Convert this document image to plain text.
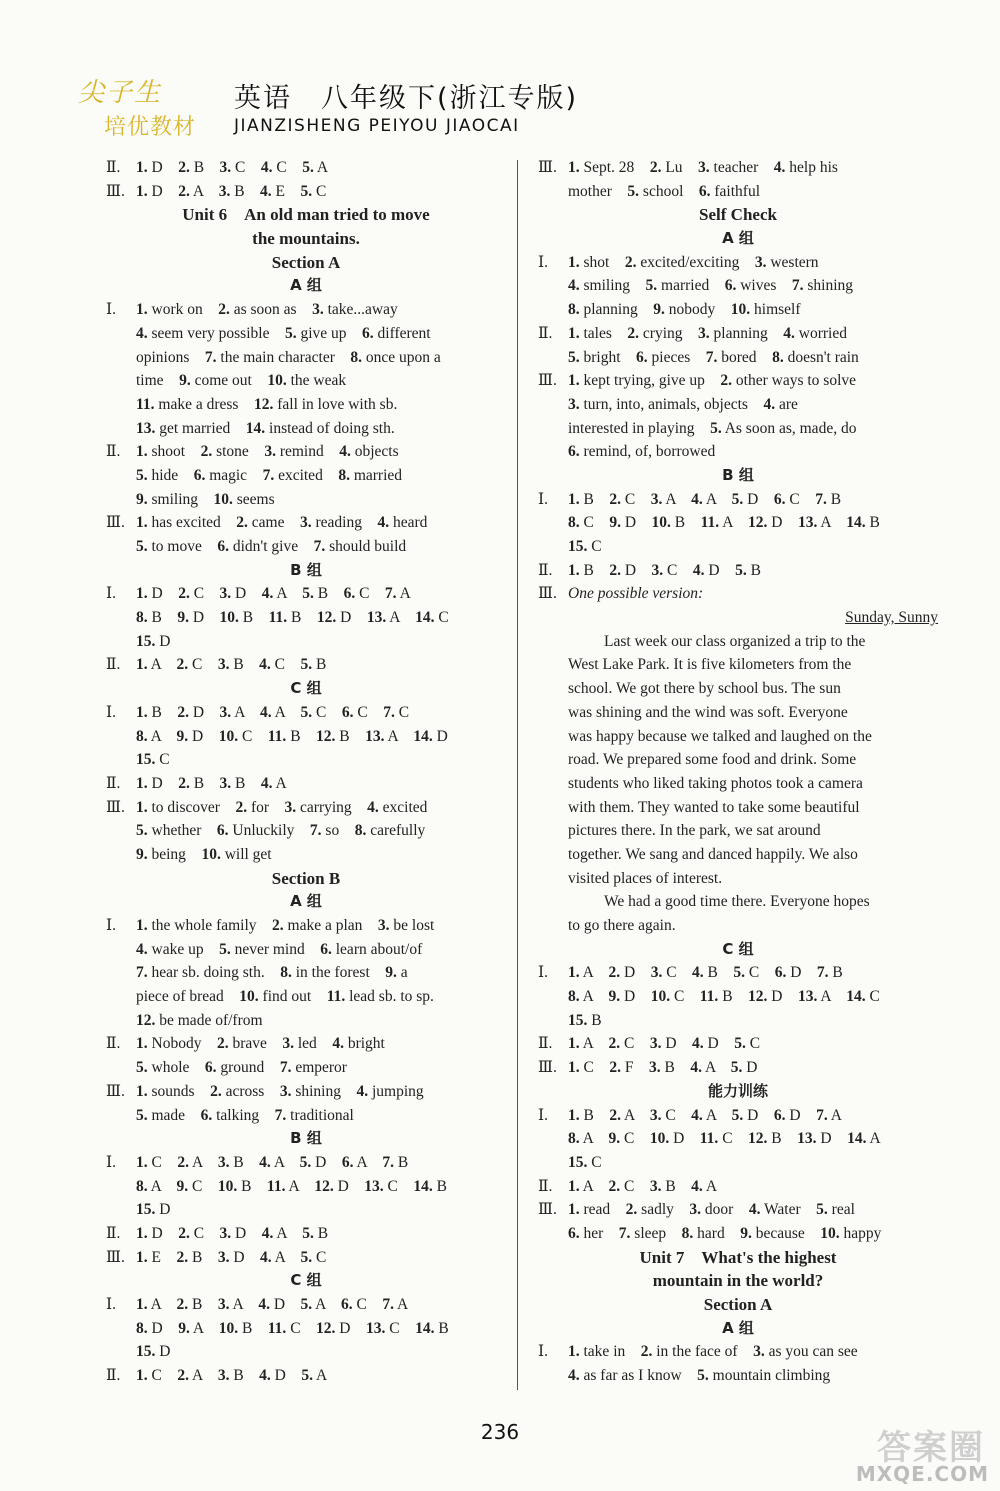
尖子生
培优教材
英语　八年级下(浙江专版)
JIANZISHENG PEIYOU JIAOCAI
Ⅱ. 1. D　2. B　3. C　4. C　5. A
Ⅲ. 1. D　2. A　3. B　4. E　5. C
Unit 6　An old man tried to move
the mountains.
Section A
A 组
Ⅰ. 1. work on　2. as soon as　3. take...away
4. seem very possible　5. give up　6. different
opinions　7. the main character　8. once upon a
time　9. come out　10. the weak
11. make a dress　12. fall in love with sb.
13. get married　14. instead of doing sth.
Ⅱ. 1. shoot　2. stone　3. remind　4. objects
5. hide　6. magic　7. excited　8. married
9. smiling　10. seems
Ⅲ. 1. has excited　2. came　3. reading　4. heard
5. to move　6. didn't give　7. should build
B 组
Ⅰ. 1. D　2. C　3. D　4. A　5. B　6. C　7. A
8. B　9. D　10. B　11. B　12. D　13. A　14. C
15. D
Ⅱ. 1. A　2. C　3. B　4. C　5. B
C 组
Ⅰ. 1. B　2. D　3. A　4. A　5. C　6. C　7. C
8. A　9. D　10. C　11. B　12. B　13. A　14. D
15. C
Ⅱ. 1. D　2. B　3. B　4. A
Ⅲ. 1. to discover　2. for　3. carrying　4. excited
5. whether　6. Unluckily　7. so　8. carefully
9. being　10. will get
Section B
A 组
Ⅰ. 1. the whole family　2. make a plan　3. be lost
4. wake up　5. never mind　6. learn about/of
7. hear sb. doing sth.　8. in the forest　9. a
piece of bread　10. find out　11. lead sb. to sp.
12. be made of/from
Ⅱ. 1. Nobody　2. brave　3. led　4. bright
5. whole　6. ground　7. emperor
Ⅲ. 1. sounds　2. across　3. shining　4. jumping
5. made　6. talking　7. traditional
B 组
Ⅰ. 1. C　2. A　3. B　4. A　5. D　6. A　7. B
8. A　9. C　10. B　11. A　12. D　13. C　14. B
15. D
Ⅱ. 1. D　2. C　3. D　4. A　5. B
Ⅲ. 1. E　2. B　3. D　4. A　5. C
C 组
Ⅰ. 1. A　2. B　3. A　4. D　5. A　6. C　7. A
8. D　9. A　10. B　11. C　12. D　13. C　14. B
15. D
Ⅱ. 1. C　2. A　3. B　4. D　5. A
Ⅲ. 1. Sept. 28　2. Lu　3. teacher　4. help his
mother　5. school　6. faithful
Self Check
A 组
Ⅰ. 1. shot　2. excited/exciting　3. western
4. smiling　5. married　6. wives　7. shining
8. planning　9. nobody　10. himself
Ⅱ. 1. tales　2. crying　3. planning　4. worried
5. bright　6. pieces　7. bored　8. doesn't rain
Ⅲ. 1. kept trying, give up　2. other ways to solve
3. turn, into, animals, objects　4. are
interested in playing　5. As soon as, made, do
6. remind, of, borrowed
B 组
Ⅰ. 1. B　2. C　3. A　4. A　5. D　6. C　7. B
8. C　9. D　10. B　11. A　12. D　13. A　14. B
15. C
Ⅱ. 1. B　2. D　3. C　4. D　5. B
Ⅲ. One possible version:
Sunday, Sunny
Last week our class organized a trip to the
West Lake Park. It is five kilometers from the
school. We got there by school bus. The sun
was shining and the wind was soft. Everyone
was happy because we talked and laughed on the
road. We prepared some food and drink. Some
students who liked taking photos took a camera
with them. They wanted to take some beautiful
pictures there. In the park, we sat around
together. We sang and danced happily. We also
visited places of interest.
We had a good time there. Everyone hopes
to go there again.
C 组
Ⅰ. 1. A　2. D　3. C　4. B　5. C　6. D　7. B
8. A　9. D　10. C　11. B　12. D　13. A　14. C
15. B
Ⅱ. 1. A　2. C　3. D　4. D　5. C
Ⅲ. 1. C　2. F　3. B　4. A　5. D
能力训练
Ⅰ. 1. B　2. A　3. C　4. A　5. D　6. D　7. A
8. A　9. C　10. D　11. C　12. B　13. D　14. A
15. C
Ⅱ. 1. A　2. C　3. B　4. A
Ⅲ. 1. read　2. sadly　3. door　4. Water　5. real
6. her　7. sleep　8. hard　9. because　10. happy
Unit 7　What's the highest
mountain in the world?
Section A
A 组
Ⅰ. 1. take in　2. in the face of　3. as you can see
4. as far as I know　5. mountain climbing
236	答案圈
MXQE.COM
